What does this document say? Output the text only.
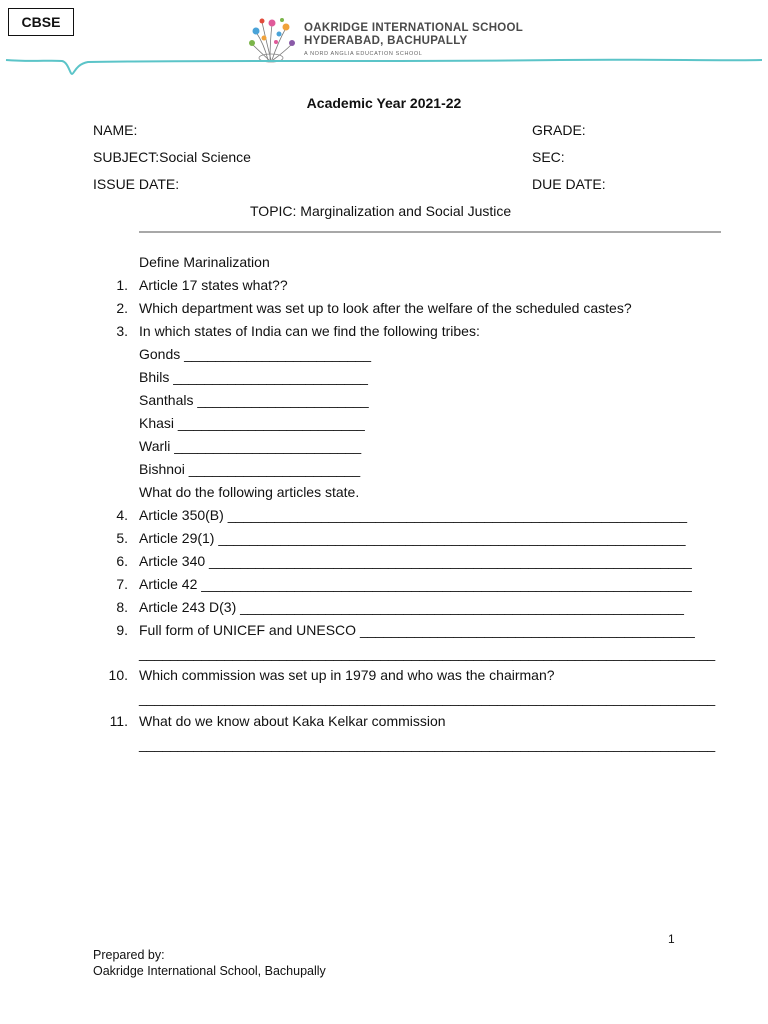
CBSE	OAKRIDGE INTERNATIONAL SCHOOL
HYDERABAD, BACHUPALLY
A NORD ANGLIA EDUCATION SCHOOL
Academic Year 2021-22
NAME:	GRADE:
SUBJECT:Social Science	SEC:
ISSUE DATE:	DUE DATE:
TOPIC: Marginalization and Social Justice
Define Marinalization
1. Article 17 states what??
2. Which department was set up to look after the welfare of the scheduled castes?
3. In which states of India can we find the following tribes:
Gonds ________________________
Bhils _________________________
Santhals ______________________
Khasi ________________________
Warli ________________________
Bishnoi ______________________
What do the following articles state.
4. Article 350(B) ___________________________________________________________
5. Article 29(1) ____________________________________________________________
6. Article 340 ______________________________________________________________
7. Article 42 _______________________________________________________________
8. Article 243 D(3) _________________________________________________________
9. Full form of UNICEF and UNESCO ___________________________________________
__________________________________________________________________________
10. Which commission was set up in 1979 and who was the chairman?
__________________________________________________________________________
11. What do we know about Kaka Kelkar commission
__________________________________________________________________________
1
Prepared by:
Oakridge International School, Bachupally
